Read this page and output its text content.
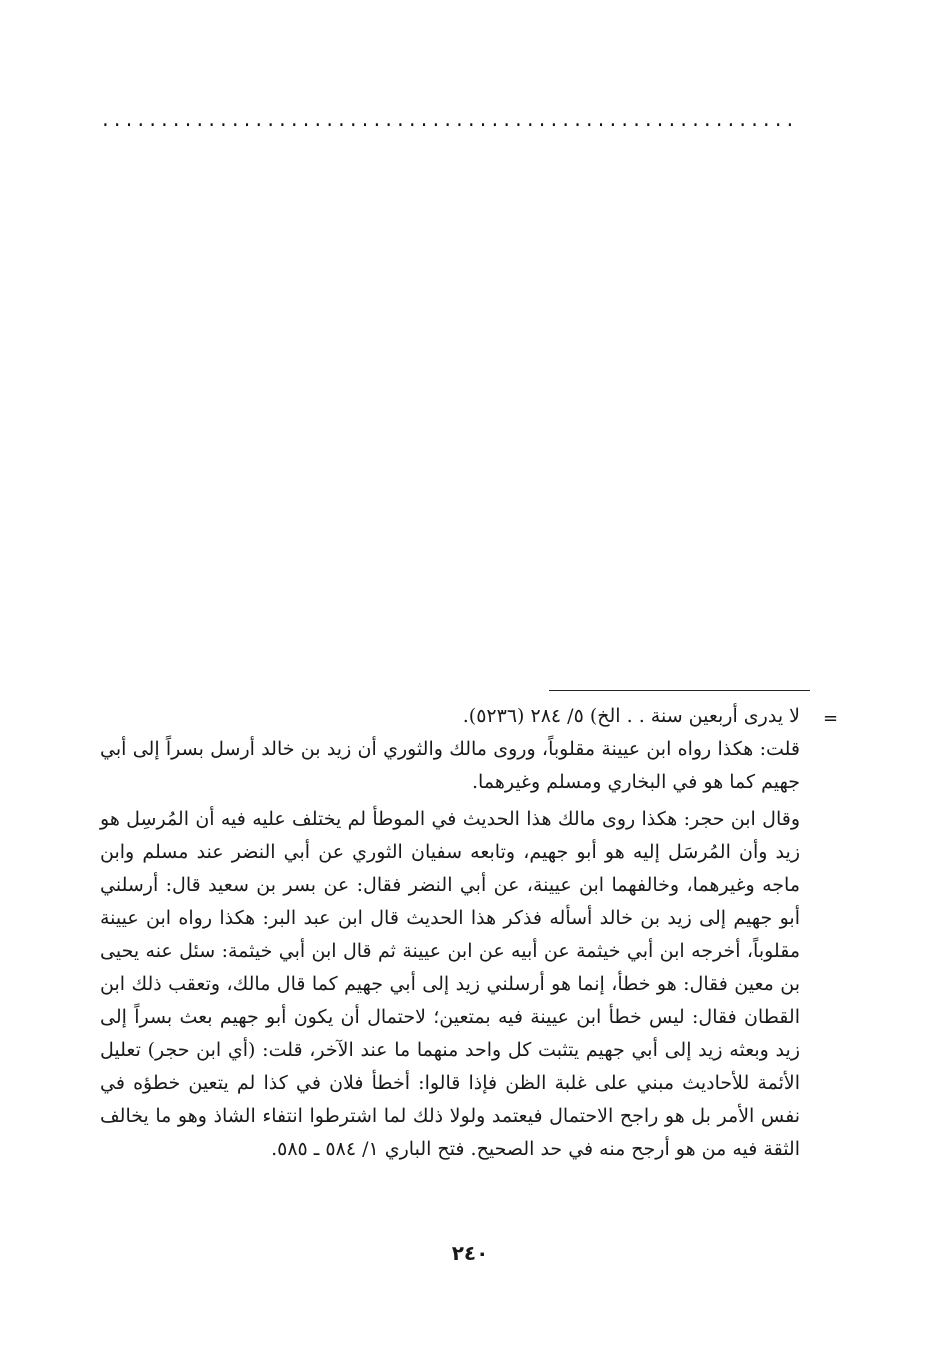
...........................................................
=
لا يدرى أربعين سنة . . الخ) ٥/ ٢٨٤ (٥٢٣٦).

قلت: هكذا رواه ابن عيينة مقلوباً، وروى مالك والثوري أن زيد بن خالد أرسل بسراً إلى أبي جهيم كما هو في البخاري ومسلم وغيرهما.

وقال ابن حجر: هكذا روى مالك هذا الحديث في الموطأ لم يختلف عليه فيه أن المُرسِل هو زيد وأن المُرسَل إليه هو أبو جهيم، وتابعه سفيان الثوري عن أبي النضر عند مسلم وابن ماجه وغيرهما، وخالفهما ابن عيينة، عن أبي النضر فقال: عن بسر بن سعيد قال: أرسلني أبو جهيم إلى زيد بن خالد أسأله فذكر هذا الحديث قال ابن عبد البر: هكذا رواه ابن عيينة مقلوباً، أخرجه ابن أبي خيثمة عن أبيه عن ابن عيينة ثم قال ابن أبي خيثمة: سئل عنه يحيى بن معين فقال: هو خطأ، إنما هو أرسلني زيد إلى أبي جهيم كما قال مالك، وتعقب ذلك ابن القطان فقال: ليس خطأ ابن عيينة فيه بمتعين؛ لاحتمال أن يكون أبو جهيم بعث بسراً إلى زيد وبعثه زيد إلى أبي جهيم يتثبت كل واحد منهما ما عند الآخر، قلت: (أي ابن حجر) تعليل الأئمة للأحاديث مبني على غلبة الظن فإذا قالوا: أخطأ فلان في كذا لم يتعين خطؤه في نفس الأمر بل هو راجح الاحتمال فيعتمد ولولا ذلك لما اشترطوا انتفاء الشاذ وهو ما يخالف الثقة فيه من هو أرجح منه في حد الصحيح. فتح الباري ١/ ٥٨٤ ـ ٥٨٥.

٢٤٠
